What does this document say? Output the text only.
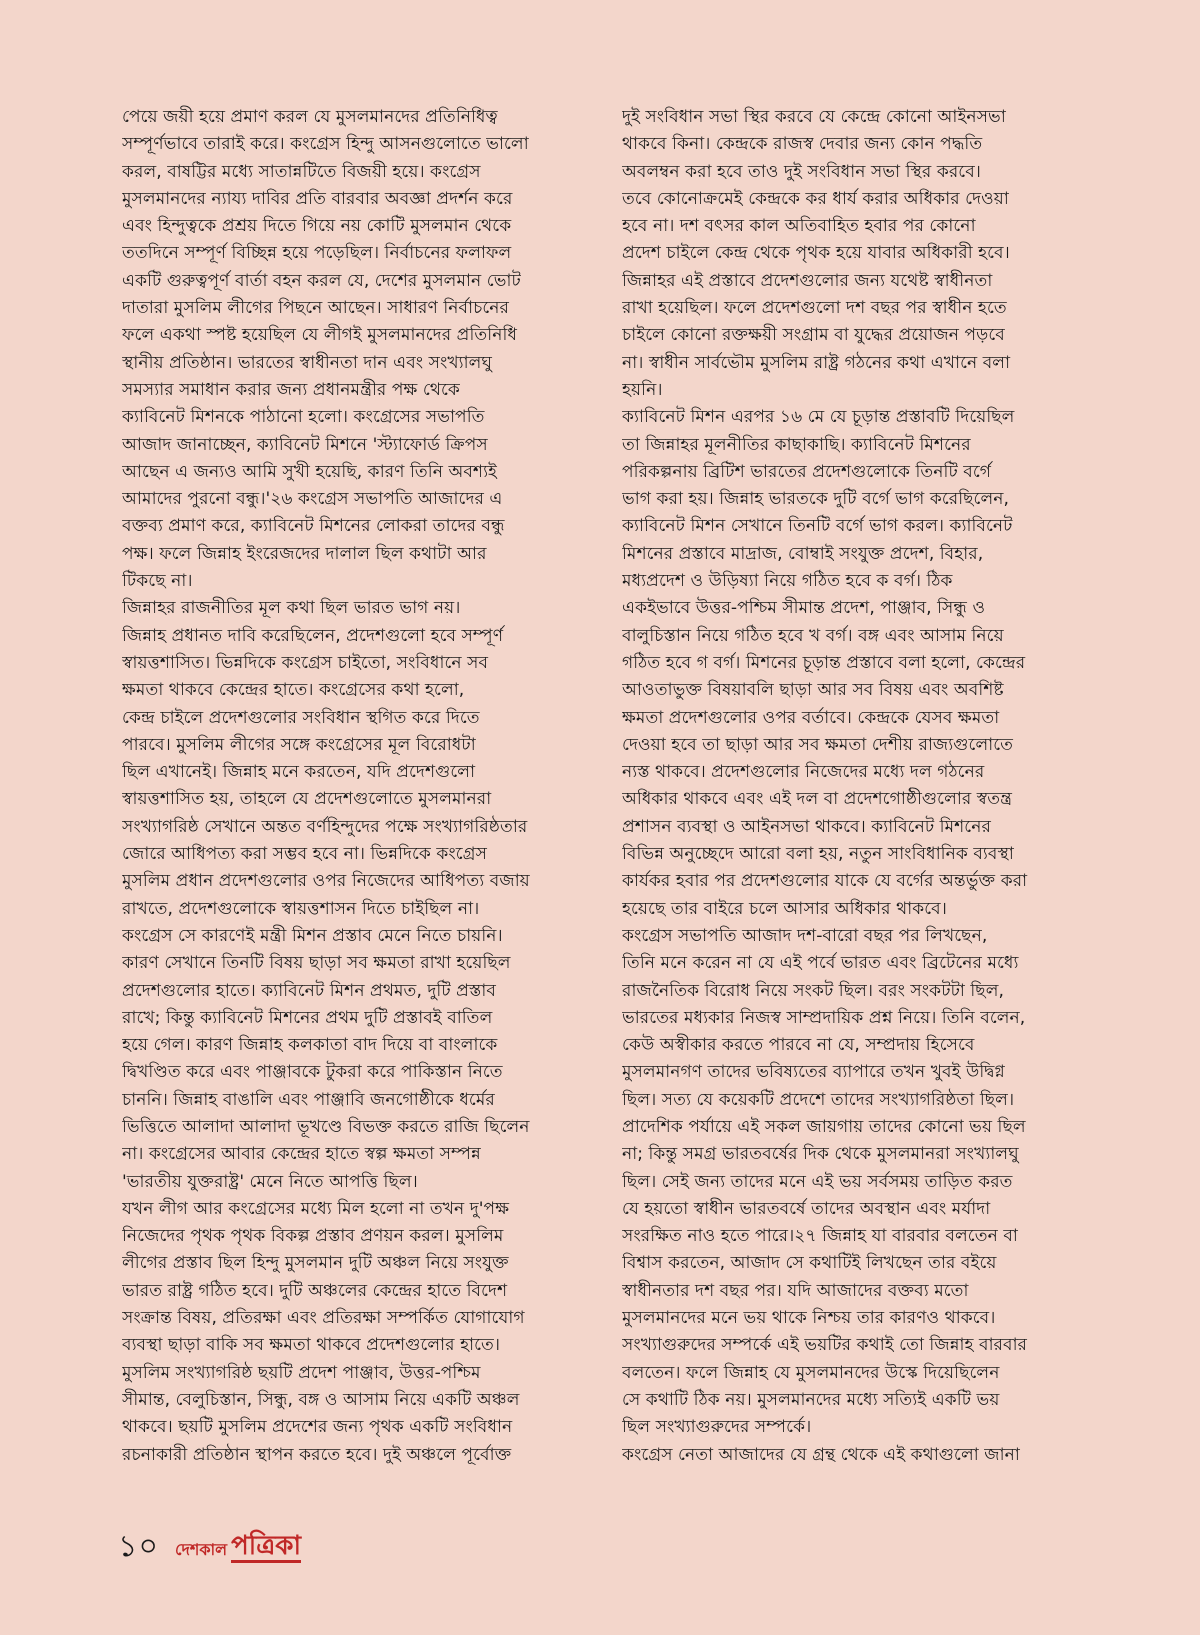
পেয়ে জয়ী হয়ে প্রমাণ করল যে মুসলমানদের প্রতিনিধিত্ব
সম্পূর্ণভাবে তারাই করে। কংগ্রেস হিন্দু আসনগুলোতে ভালো
করল, বাষট্টির মধ্যে সাতান্নটিতে বিজয়ী হয়ে। কংগ্রেস
মুসলমানদের ন্যায্য দাবির প্রতি বারবার অবজ্ঞা প্রদর্শন করে
এবং হিন্দুত্বকে প্রশ্রয় দিতে গিয়ে নয় কোটি মুসলমান থেকে
ততদিনে সম্পূর্ণ বিচ্ছিন্ন হয়ে পড়েছিল। নির্বাচনের ফলাফল
একটি গুরুত্বপূর্ণ বার্তা বহন করল যে, দেশের মুসলমান ভোট
দাতারা মুসলিম লীগের পিছনে আছেন। সাধারণ নির্বাচনের
ফলে একথা স্পষ্ট হয়েছিল যে লীগই মুসলমানদের প্রতিনিধি
স্থানীয় প্রতিষ্ঠান। ভারতের স্বাধীনতা দান এবং সংখ্যালঘু
সমস্যার সমাধান করার জন্য প্রধানমন্ত্রীর পক্ষ থেকে
ক্যাবিনেট মিশনকে পাঠানো হলো। কংগ্রেসের সভাপতি
আজাদ জানাচ্ছেন, ক্যাবিনেট মিশনে 'স্ট্যাফোর্ড ক্রিপস
আছেন এ জন্যও আমি সুখী হয়েছি, কারণ তিনি অবশ্যই
আমাদের পুরনো বন্ধু।'২৬ কংগ্রেস সভাপতি আজাদের এ
বক্তব্য প্রমাণ করে, ক্যাবিনেট মিশনের লোকরা তাদের বন্ধু
পক্ষ। ফলে জিন্নাহ ইংরেজদের দালাল ছিল কথাটা আর
টিকছে না।

জিন্নাহর রাজনীতির মূল কথা ছিল ভারত ভাগ নয়।
জিন্নাহ প্রধানত দাবি করেছিলেন, প্রদেশগুলো হবে সম্পূর্ণ
স্বায়ত্তশাসিত। ভিন্নদিকে কংগ্রেস চাইতো, সংবিধানে সব
ক্ষমতা থাকবে কেন্দ্রের হাতে। কংগ্রেসের কথা হলো,
কেন্দ্র চাইলে প্রদেশগুলোর সংবিধান স্থগিত করে দিতে
পারবে। মুসলিম লীগের সঙ্গে কংগ্রেসের মূল বিরোধটা
ছিল এখানেই। জিন্নাহ মনে করতেন, যদি প্রদেশগুলো
স্বায়ত্তশাসিত হয়, তাহলে যে প্রদেশগুলোতে মুসলমানরা
সংখ্যাগরিষ্ঠ সেখানে অন্তত বর্ণহিন্দুদের পক্ষে সংখ্যাগরিষ্ঠতার
জোরে আধিপত্য করা সম্ভব হবে না। ভিন্নদিকে কংগ্রেস
মুসলিম প্রধান প্রদেশগুলোর ওপর নিজেদের আধিপত্য বজায়
রাখতে, প্রদেশগুলোকে স্বায়ত্তশাসন দিতে চাইছিল না।
কংগ্রেস সে কারণেই মন্ত্রী মিশন প্রস্তাব মেনে নিতে চায়নি।
কারণ সেখানে তিনটি বিষয় ছাড়া সব ক্ষমতা রাখা হয়েছিল
প্রদেশগুলোর হাতে। ক্যাবিনেট মিশন প্রথমত, দুটি প্রস্তাব
রাখে; কিন্তু ক্যাবিনেট মিশনের প্রথম দুটি প্রস্তাবই বাতিল
হয়ে গেল। কারণ জিন্নাহ কলকাতা বাদ দিয়ে বা বাংলাকে
দ্বিখণ্ডিত করে এবং পাঞ্জাবকে টুকরা করে পাকিস্তান নিতে
চাননি। জিন্নাহ বাঙালি এবং পাঞ্জাবি জনগোষ্ঠীকে ধর্মের
ভিত্তিতে আলাদা আলাদা ভূখণ্ডে বিভক্ত করতে রাজি ছিলেন
না। কংগ্রেসের আবার কেন্দ্রের হাতে স্বল্প ক্ষমতা সম্পন্ন
'ভারতীয় যুক্তরাষ্ট্র' মেনে নিতে আপত্তি ছিল।

যখন লীগ আর কংগ্রেসের মধ্যে মিল হলো না তখন দু'পক্ষ
নিজেদের পৃথক পৃথক বিকল্প প্রস্তাব প্রণয়ন করল। মুসলিম
লীগের প্রস্তাব ছিল হিন্দু মুসলমান দুটি অঞ্চল নিয়ে সংযুক্ত
ভারত রাষ্ট্র গঠিত হবে। দুটি অঞ্চলের কেন্দ্রের হাতে বিদেশ
সংক্রান্ত বিষয়, প্রতিরক্ষা এবং প্রতিরক্ষা সম্পর্কিত যোগাযোগ
ব্যবস্থা ছাড়া বাকি সব ক্ষমতা থাকবে প্রদেশগুলোর হাতে।
মুসলিম সংখ্যাগরিষ্ঠ ছয়টি প্রদেশ পাঞ্জাব, উত্তর-পশ্চিম
সীমান্ত, বেলুচিস্তান, সিন্ধু, বঙ্গ ও আসাম নিয়ে একটি অঞ্চল
থাকবে। ছয়টি মুসলিম প্রদেশের জন্য পৃথক একটি সংবিধান
রচনাকারী প্রতিষ্ঠান স্থাপন করতে হবে। দুই অঞ্চলে পূর্বোক্ত

দুই সংবিধান সভা স্থির করবে যে কেন্দ্রে কোনো আইনসভা
থাকবে কিনা। কেন্দ্রকে রাজস্ব দেবার জন্য কোন পদ্ধতি
অবলম্বন করা হবে তাও দুই সংবিধান সভা স্থির করবে।
তবে কোনোক্রমেই কেন্দ্রকে কর ধার্য করার অধিকার দেওয়া
হবে না। দশ বৎসর কাল অতিবাহিত হবার পর কোনো
প্রদেশ চাইলে কেন্দ্র থেকে পৃথক হয়ে যাবার অধিকারী হবে।
জিন্নাহর এই প্রস্তাবে প্রদেশগুলোর জন্য যথেষ্ট স্বাধীনতা
রাখা হয়েছিল। ফলে প্রদেশগুলো দশ বছর পর স্বাধীন হতে
চাইলে কোনো রক্তক্ষয়ী সংগ্রাম বা যুদ্ধের প্রয়োজন পড়বে
না। স্বাধীন সার্বভৌম মুসলিম রাষ্ট্র গঠনের কথা এখানে বলা
হয়নি।

ক্যাবিনেট মিশন এরপর ১৬ মে যে চূড়ান্ত প্রস্তাবটি দিয়েছিল
তা জিন্নাহর মূলনীতির কাছাকাছি। ক্যাবিনেট মিশনের
পরিকল্পনায় ব্রিটিশ ভারতের প্রদেশগুলোকে তিনটি বর্গে
ভাগ করা হয়। জিন্নাহ ভারতকে দুটি বর্গে ভাগ করেছিলেন,
ক্যাবিনেট মিশন সেখানে তিনটি বর্গে ভাগ করল। ক্যাবিনেট
মিশনের প্রস্তাবে মাদ্রাজ, বোম্বাই সংযুক্ত প্রদেশ, বিহার,
মধ্যপ্রদেশ ও উড়িষ্যা নিয়ে গঠিত হবে ক বর্গ। ঠিক
একইভাবে উত্তর-পশ্চিম সীমান্ত প্রদেশ, পাঞ্জাব, সিন্ধু ও
বালুচিস্তান নিয়ে গঠিত হবে খ বর্গ। বঙ্গ এবং আসাম নিয়ে
গঠিত হবে গ বর্গ। মিশনের চূড়ান্ত প্রস্তাবে বলা হলো, কেন্দ্রের
আওতাভুক্ত বিষয়াবলি ছাড়া আর সব বিষয় এবং অবশিষ্ট
ক্ষমতা প্রদেশগুলোর ওপর বর্তাবে। কেন্দ্রকে যেসব ক্ষমতা
দেওয়া হবে তা ছাড়া আর সব ক্ষমতা দেশীয় রাজ্যগুলোতে
ন্যস্ত থাকবে। প্রদেশগুলোর নিজেদের মধ্যে দল গঠনের
অধিকার থাকবে এবং এই দল বা প্রদেশগোষ্ঠীগুলোর স্বতন্ত্র
প্রশাসন ব্যবস্থা ও আইনসভা থাকবে। ক্যাবিনেট মিশনের
বিভিন্ন অনুচ্ছেদে আরো বলা হয়, নতুন সাংবিধানিক ব্যবস্থা
কার্যকর হবার পর প্রদেশগুলোর যাকে যে বর্গের অন্তর্ভুক্ত করা
হয়েছে তার বাইরে চলে আসার অধিকার থাকবে।

কংগ্রেস সভাপতি আজাদ দশ-বারো বছর পর লিখছেন,
তিনি মনে করেন না যে এই পর্বে ভারত এবং ব্রিটেনের মধ্যে
রাজনৈতিক বিরোধ নিয়ে সংকট ছিল। বরং সংকটটা ছিল,
ভারতের মধ্যকার নিজস্ব সাম্প্রদায়িক প্রশ্ন নিয়ে। তিনি বলেন,
কেউ অস্বীকার করতে পারবে না যে, সম্প্রদায় হিসেবে
মুসলমানগণ তাদের ভবিষ্যতের ব্যাপারে তখন খুবই উদ্বিগ্ন
ছিল। সত্য যে কয়েকটি প্রদেশে তাদের সংখ্যাগরিষ্ঠতা ছিল।
প্রাদেশিক পর্যায়ে এই সকল জায়গায় তাদের কোনো ভয় ছিল
না; কিন্তু সমগ্র ভারতবর্ষের দিক থেকে মুসলমানরা সংখ্যালঘু
ছিল। সেই জন্য তাদের মনে এই ভয় সর্বসময় তাড়িত করত
যে হয়তো স্বাধীন ভারতবর্ষে তাদের অবস্থান এবং মর্যাদা
সংরক্ষিত নাও হতে পারে।২৭ জিন্নাহ যা বারবার বলতেন বা
বিশ্বাস করতেন, আজাদ সে কথাটিই লিখছেন তার বইয়ে
স্বাধীনতার দশ বছর পর। যদি আজাদের বক্তব্য মতো
মুসলমানদের মনে ভয় থাকে নিশ্চয় তার কারণও থাকবে।
সংখ্যাগুরুদের সম্পর্কে এই ভয়টির কথাই তো জিন্নাহ বারবার
বলতেন। ফলে জিন্নাহ যে মুসলমানদের উস্কে দিয়েছিলেন
সে কথাটি ঠিক নয়। মুসলমানদের মধ্যে সত্যিই একটি ভয়
ছিল সংখ্যাগুরুদের সম্পর্কে।

কংগ্রেস নেতা আজাদের যে গ্রন্থ থেকে এই কথাগুলো জানা

১০ দেশকাল পত্রিকা
